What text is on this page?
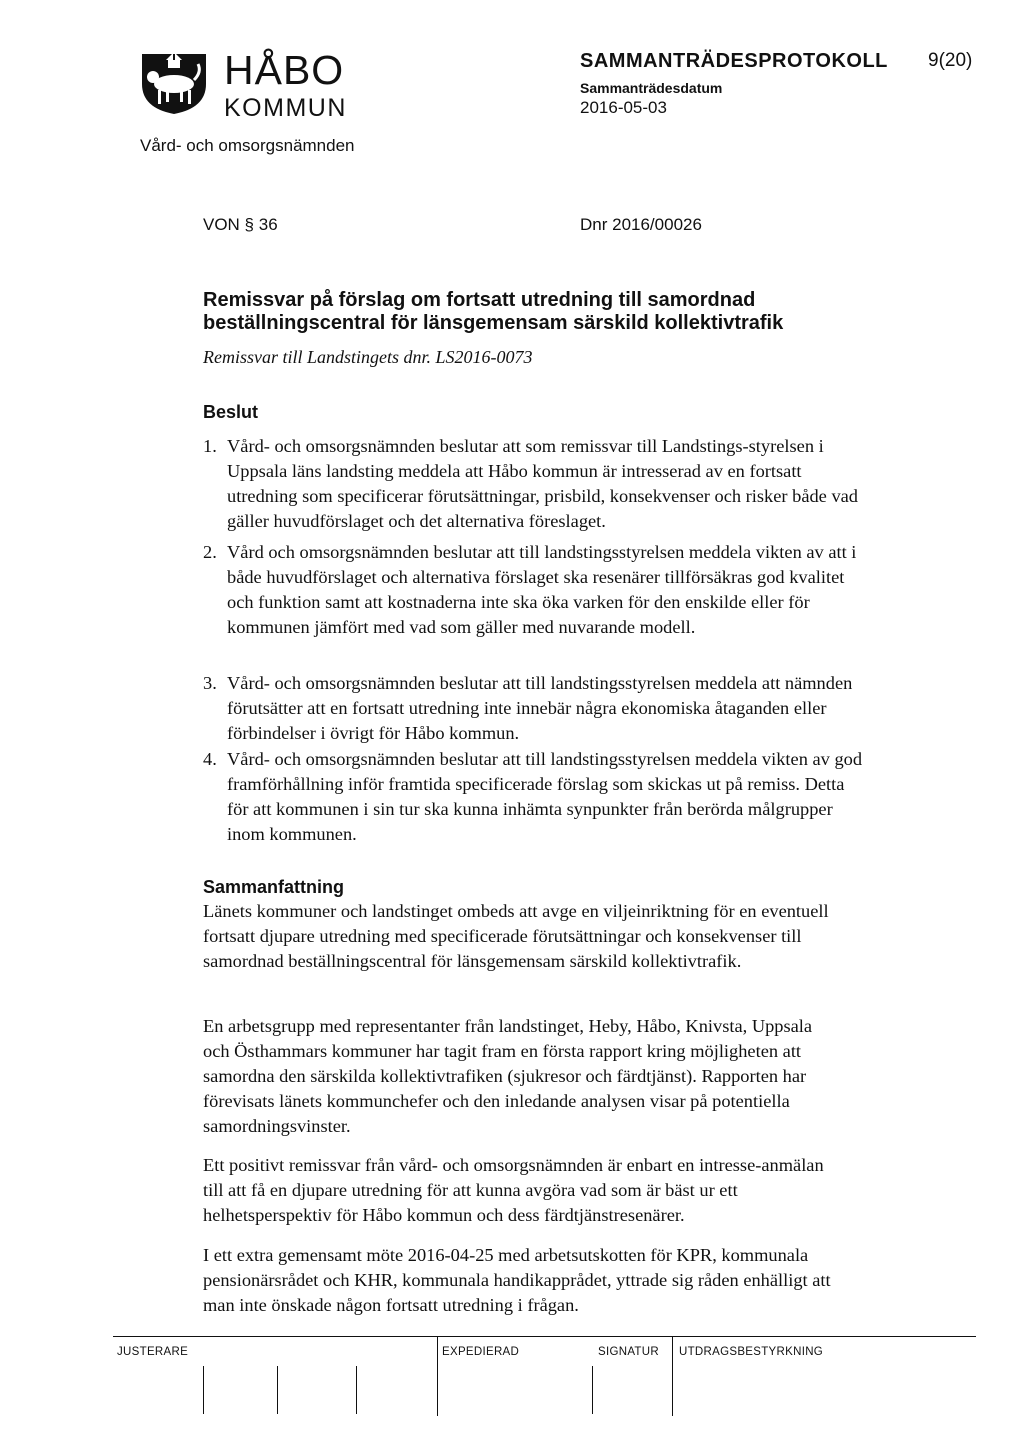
HÅBO
KOMMUN
Vård- och omsorgsnämnden
SAMMANTRÄDESPROTOKOLL
Sammanträdesdatum
2016-05-03
9(20)
VON § 36	Dnr 2016/00026
Remissvar på förslag om fortsatt utredning till samordnad beställningscentral för länsgemensam särskild kollektivtrafik
Remissvar till Landstingets dnr. LS2016-0073
Beslut
1. Vård- och omsorgsnämnden beslutar att som remissvar till Landstings-styrelsen i Uppsala läns landsting meddela att Håbo kommun är intresserad av en fortsatt utredning som specificerar förutsättningar, prisbild, konsekvenser och risker både vad gäller huvudförslaget och det alternativa föreslaget.
2. Vård och omsorgsnämnden beslutar att till landstingsstyrelsen meddela vikten av att i både huvudförslaget och alternativa förslaget ska resenärer tillförsäkras god kvalitet och funktion samt att kostnaderna inte ska öka varken för den enskilde eller för kommunen jämfört med vad som gäller med nuvarande modell.
3. Vård- och omsorgsnämnden beslutar att till landstingsstyrelsen meddela att nämnden förutsätter att en fortsatt utredning inte innebär några ekonomiska åtaganden eller förbindelser i övrigt för Håbo kommun.
4. Vård- och omsorgsnämnden beslutar att till landstingsstyrelsen meddela vikten av god framförhållning inför framtida specificerade förslag som skickas ut på remiss. Detta för att kommunen i sin tur ska kunna inhämta synpunkter från berörda målgrupper inom kommunen.
Sammanfattning
Länets kommuner och landstinget ombeds att avge en viljeinriktning för en eventuell fortsatt djupare utredning med specificerade förutsättningar och konsekvenser till samordnad beställningscentral för länsgemensam särskild kollektivtrafik.
En arbetsgrupp med representanter från landstinget, Heby, Håbo, Knivsta, Uppsala och Östhammars kommuner har tagit fram en första rapport kring möjligheten att samordna den särskilda kollektivtrafiken (sjukresor och färdtjänst). Rapporten har förevisats länets kommunchefer och den inledande analysen visar på potentiella samordningsvinster.
Ett positivt remissvar från vård- och omsorgsnämnden är enbart en intresse-anmälan till att få en djupare utredning för att kunna avgöra vad som är bäst ur ett helhetsperspektiv för Håbo kommun och dess färdtjänstresenärer.
I ett extra gemensamt möte 2016-04-25 med arbetsutskotten för KPR, kommunala pensionärsrådet och KHR, kommunala handikapprådet, yttrade sig råden enhälligt att man inte önskade någon fortsatt utredning i frågan.
JUSTERARE	EXPEDIERAD	SIGNATUR UTDRAGSBESTYRKNING
